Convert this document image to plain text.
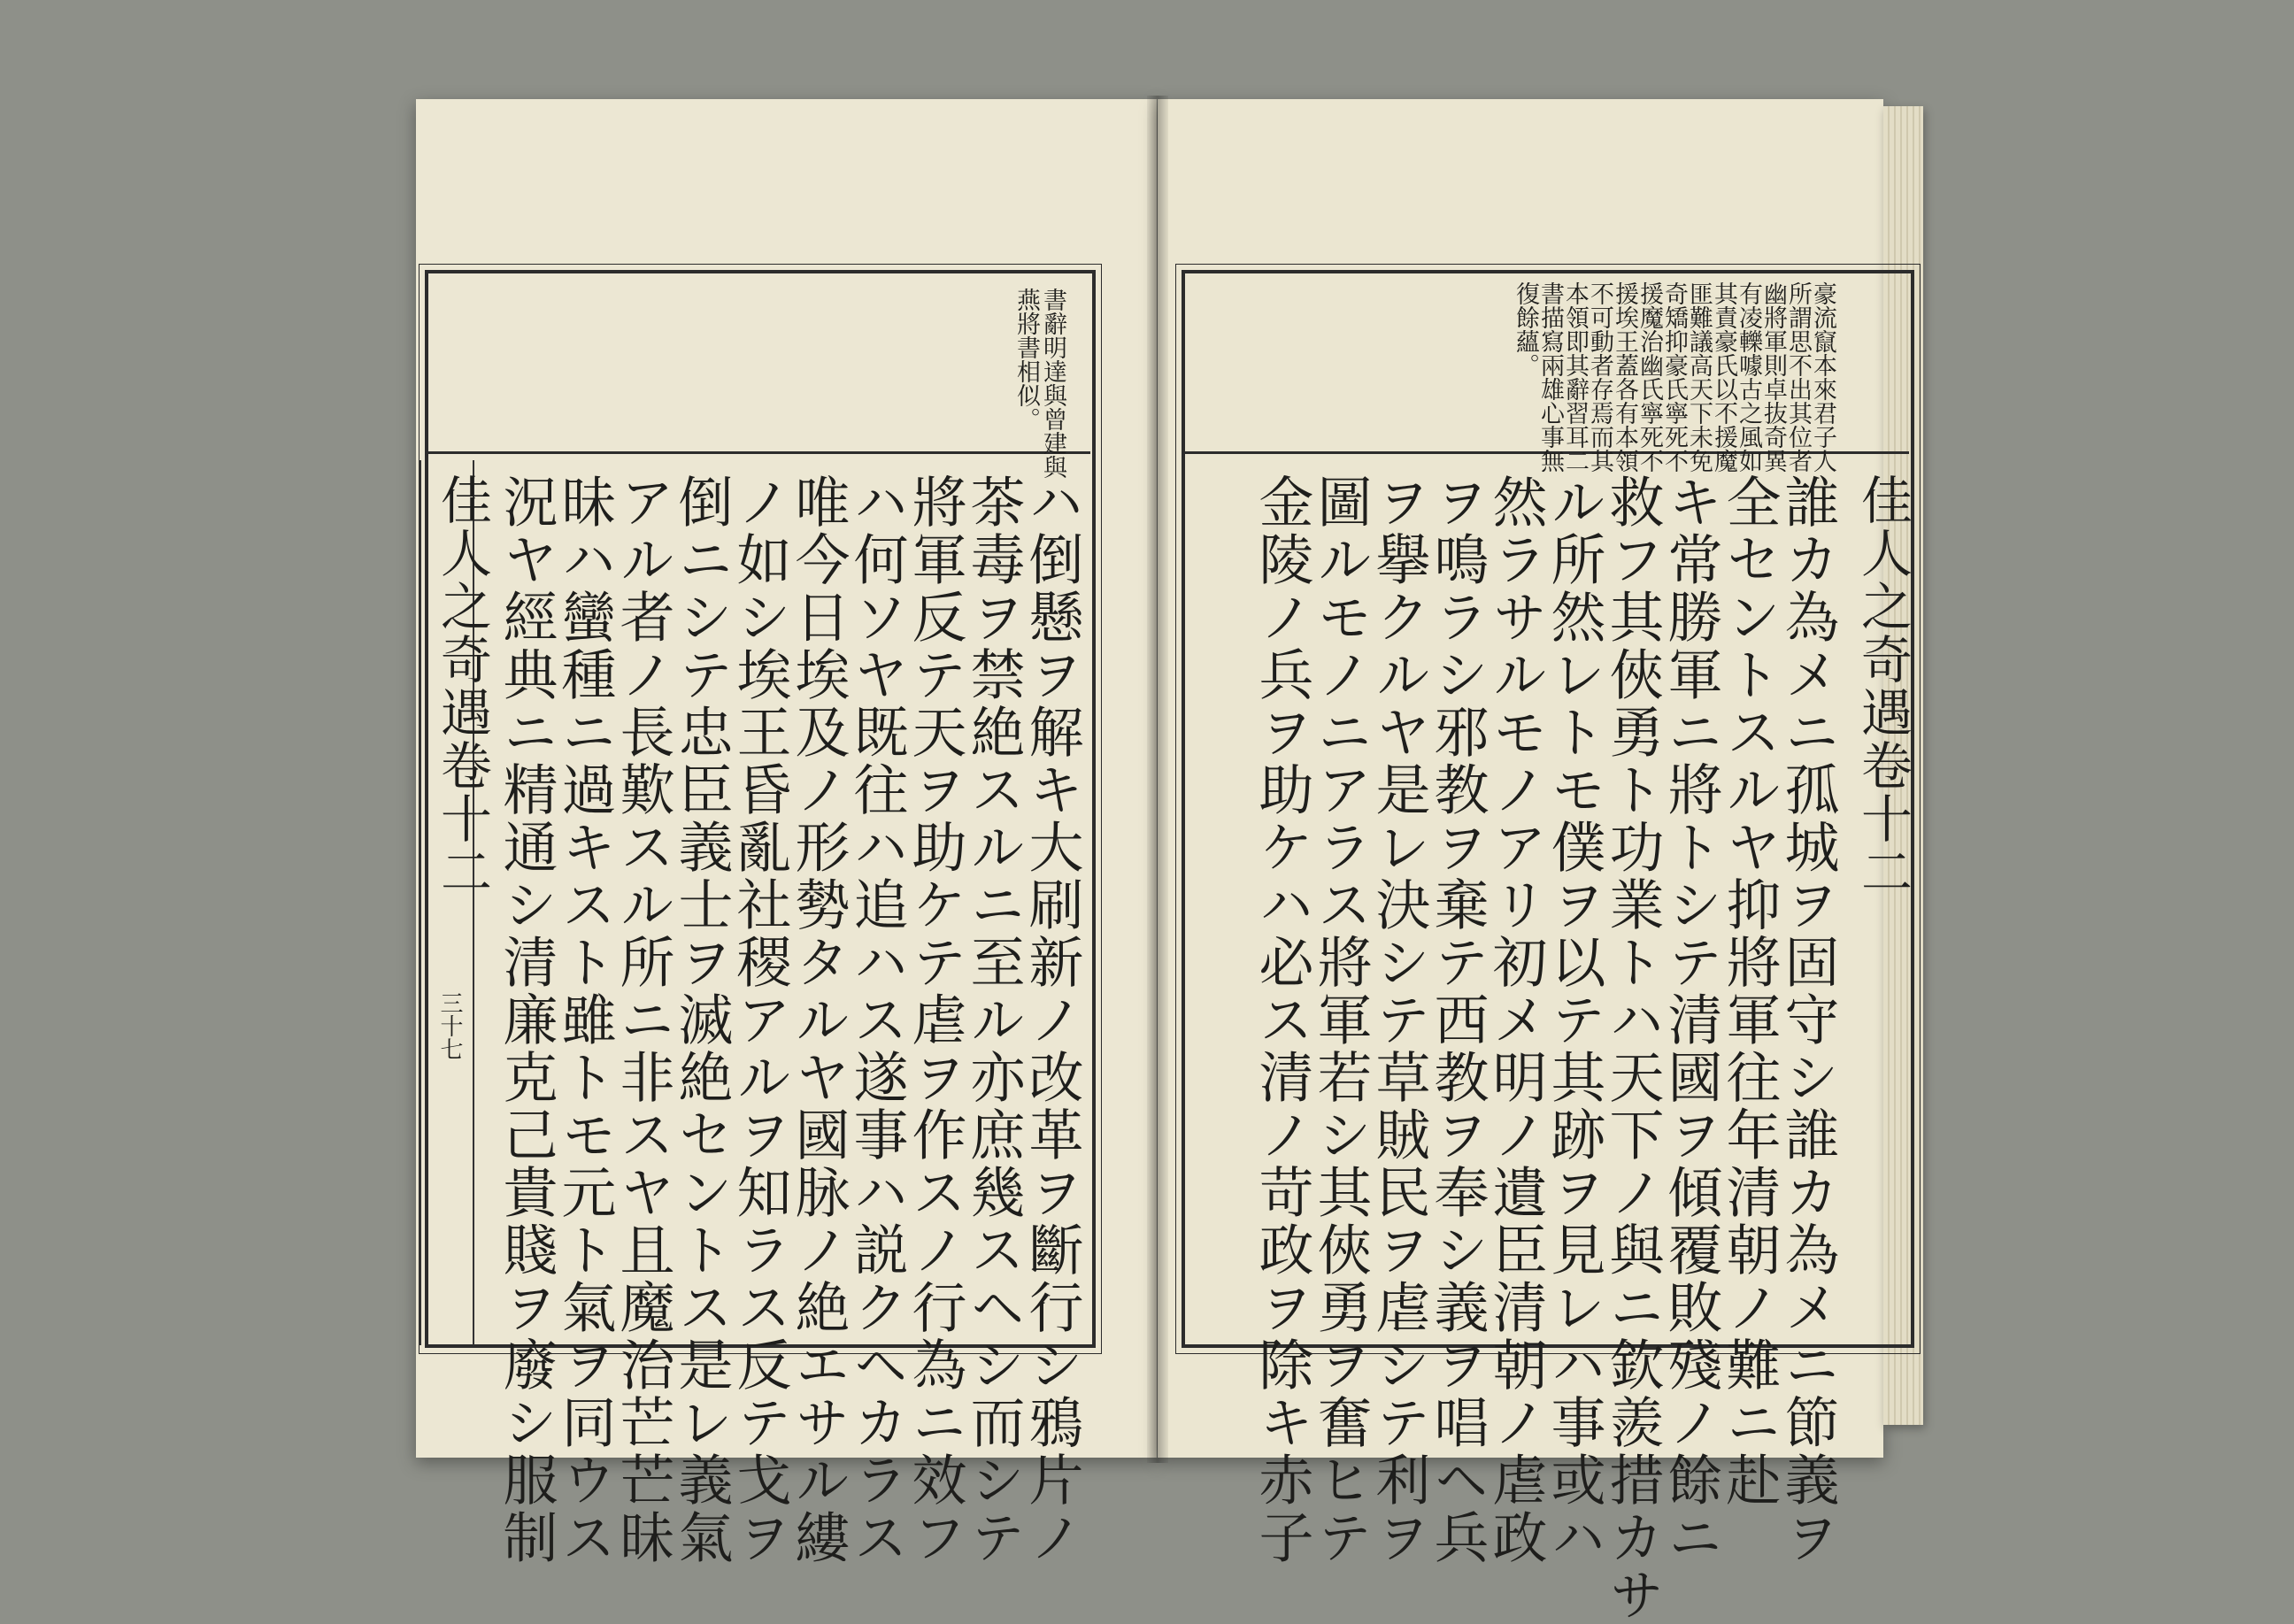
書辭明達與曾建與
燕將書相似。
佳人之奇遇卷十二
三十七	ハ倒懸ヲ解キ大刷新ノ改革ヲ斷行シ鴉片ノ
茶毒ヲ禁絶スルニ至ル亦庶幾スヘシ而シテ
將軍反テ天ヲ助ケテ虐ヲ作スノ行為ニ效フ
ハ何ソヤ既往ハ追ハス遂事ハ説クヘカラス
唯今日埃及ノ形勢タルヤ國脉ノ絶エサル縷
ノ如シ埃王昏亂社稷アルヲ知ラス反テ戈ヲ
倒ニシテ忠臣義士ヲ滅絶セントス是レ義氣
アル者ノ長歎スル所ニ非スヤ且魔治芒芒昧
昧ハ蠻種ニ過キスト雖トモ元ト氣ヲ同ウス
況ヤ經典ニ精通シ清廉克己貴賤ヲ廢シ服制
豪流竄本來君子人
所謂思不出其位者
幽將軍則卓抜奇異
有凌轢噱古之風如
其責豪氏以不援魔
匪難議高天下未免
奇矯抑豪氏寧死不
援魔治幽氏寧死不
援埃王蓋各有本領
不可動者存焉而其
本領即其辭習耳二
書描寫兩雄心事無
復餘蘊。
佳人之奇遇卷十二
誰カ為メニ孤城ヲ固守シ誰カ為メニ節義ヲ
全セントスルヤ抑將軍往年清朝ノ難ニ赴
キ常勝軍ニ將トシテ清國ヲ傾覆敗殘ノ餘ニ
救フ其俠勇ト功業トハ天下ノ與ニ欽羨措カサ
ル所然レトモ僕ヲ以テ其跡ヲ見レハ事或ハ
然ラサルモノアリ初メ明ノ遺臣清朝ノ虐政
ヲ鳴ラシ邪教ヲ棄テ西教ヲ奉シ義ヲ唱ヘ兵
ヲ擧クルヤ是レ決シテ草賊民ヲ虐シテ利ヲ
圖ルモノニアラス將軍若シ其俠勇ヲ奮ヒテ
金陵ノ兵ヲ助ケハ必ス清ノ苛政ヲ除キ赤子
